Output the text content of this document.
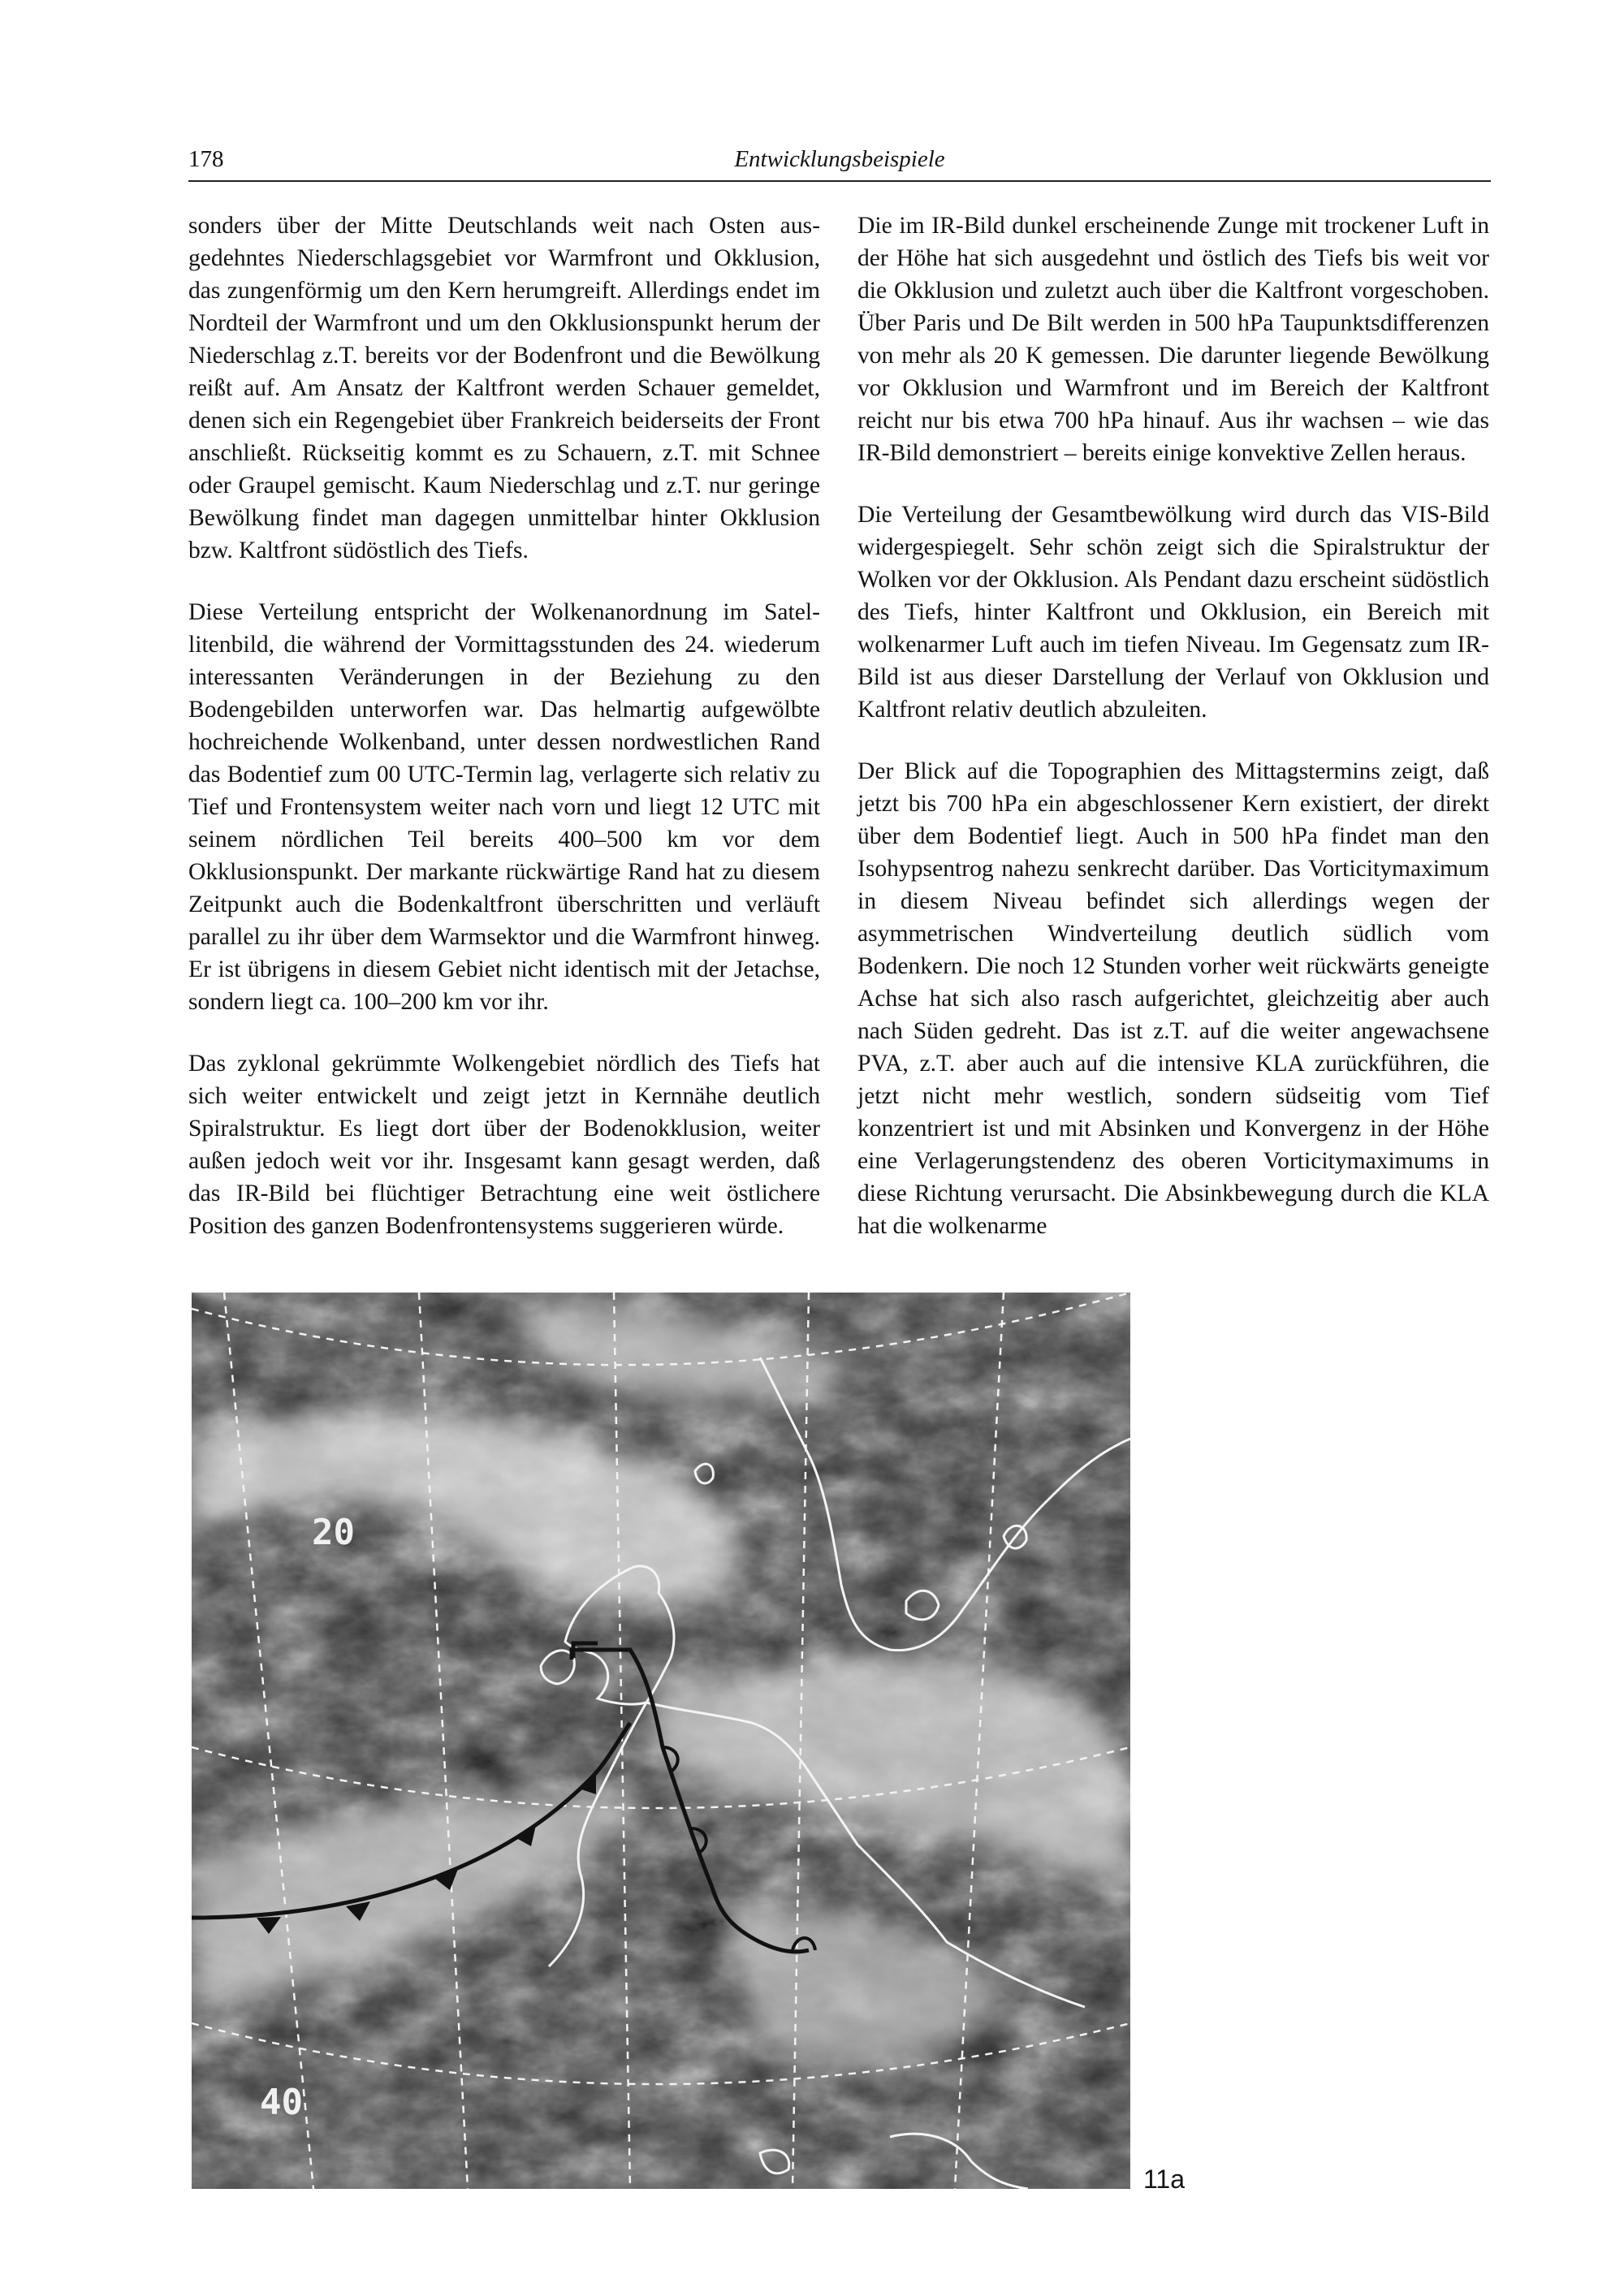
178	Entwicklungsbeispiele

sonders über der Mitte Deutschlands weit nach Osten ausgedehntes Niederschlagsgebiet vor Warmfront und Okklusion, das zungenförmig um den Kern herumgreift. Allerdings endet im Nordteil der Warmfront und um den Okklusionspunkt herum der Niederschlag z.T. bereits vor der Bodenfront und die Bewölkung reißt auf. Am Ansatz der Kaltfront werden Schauer gemeldet, denen sich ein Regengebiet über Frankreich beiderseits der Front anschließt. Rückseitig kommt es zu Schauern, z.T. mit Schnee oder Graupel gemischt. Kaum Niederschlag und z.T. nur geringe Bewölkung findet man dagegen unmittelbar hinter Okklusion bzw. Kaltfront südöstlich des Tiefs.

Diese Verteilung entspricht der Wolkenanordnung im Satellitenbild, die während der Vormittagsstunden des 24. wiederum interessanten Veränderungen in der Beziehung zu den Bodengebilden unterworfen war. Das helmartig aufgewölbte hochreichende Wolkenband, unter dessen nordwestlichen Rand das Bodentief zum 00 UTC-Termin lag, verlagerte sich relativ zu Tief und Frontensystem weiter nach vorn und liegt 12 UTC mit seinem nördlichen Teil bereits 400–500 km vor dem Okklusionspunkt. Der markante rückwärtige Rand hat zu diesem Zeitpunkt auch die Bodenkaltfront überschritten und verläuft parallel zu ihr über dem Warmsektor und die Warmfront hinweg. Er ist übrigens in diesem Gebiet nicht identisch mit der Jetachse, sondern liegt ca. 100–200 km vor ihr.

Das zyklonal gekrümmte Wolkengebiet nördlich des Tiefs hat sich weiter entwickelt und zeigt jetzt in Kernnähe deutlich Spiralstruktur. Es liegt dort über der Bodenokklusion, weiter außen jedoch weit vor ihr. Insgesamt kann gesagt werden, daß das IR-Bild bei flüchtiger Betrachtung eine weit östlichere Position des ganzen Bodenfrontensystems suggerieren würde.

Die im IR-Bild dunkel erscheinende Zunge mit trockener Luft in der Höhe hat sich ausgedehnt und östlich des Tiefs bis weit vor die Okklusion und zuletzt auch über die Kaltfront vorgeschoben. Über Paris und De Bilt werden in 500 hPa Taupunktsdifferenzen von mehr als 20 K gemessen. Die darunter liegende Bewölkung vor Okklusion und Warmfront und im Bereich der Kaltfront reicht nur bis etwa 700 hPa hinauf. Aus ihr wachsen – wie das IR-Bild demonstriert – bereits einige konvektive Zellen heraus.

Die Verteilung der Gesamtbewölkung wird durch das VIS-Bild widergespiegelt. Sehr schön zeigt sich die Spiralstruktur der Wolken vor der Okklusion. Als Pendant dazu erscheint südöstlich des Tiefs, hinter Kaltfront und Okklusion, ein Bereich mit wolkenarmer Luft auch im tiefen Niveau. Im Gegensatz zum IR-Bild ist aus dieser Darstellung der Verlauf von Okklusion und Kaltfront relativ deutlich abzuleiten.

Der Blick auf die Topographien des Mittagstermins zeigt, daß jetzt bis 700 hPa ein abgeschlossener Kern existiert, der direkt über dem Bodentief liegt. Auch in 500 hPa findet man den Isohypsentrog nahezu senkrecht darüber. Das Vorticitymaximum in diesem Niveau befindet sich allerdings wegen der asymmetrischen Windverteilung deutlich südlich vom Bodenkern. Die noch 12 Stunden vorher weit rückwärts geneigte Achse hat sich also rasch aufgerichtet, gleichzeitig aber auch nach Süden gedreht. Das ist z.T. auf die weiter angewachsene PVA, z.T. aber auch auf die intensive KLA zurückführen, die jetzt nicht mehr westlich, sondern südseitig vom Tief konzentriert ist und mit Absinken und Konvergenz in der Höhe eine Verlagerungstendenz des oberen Vorticitymaximums in diese Richtung verursacht. Die Absinkbewegung durch die KLA hat die wolkenarme

20
40
11a
